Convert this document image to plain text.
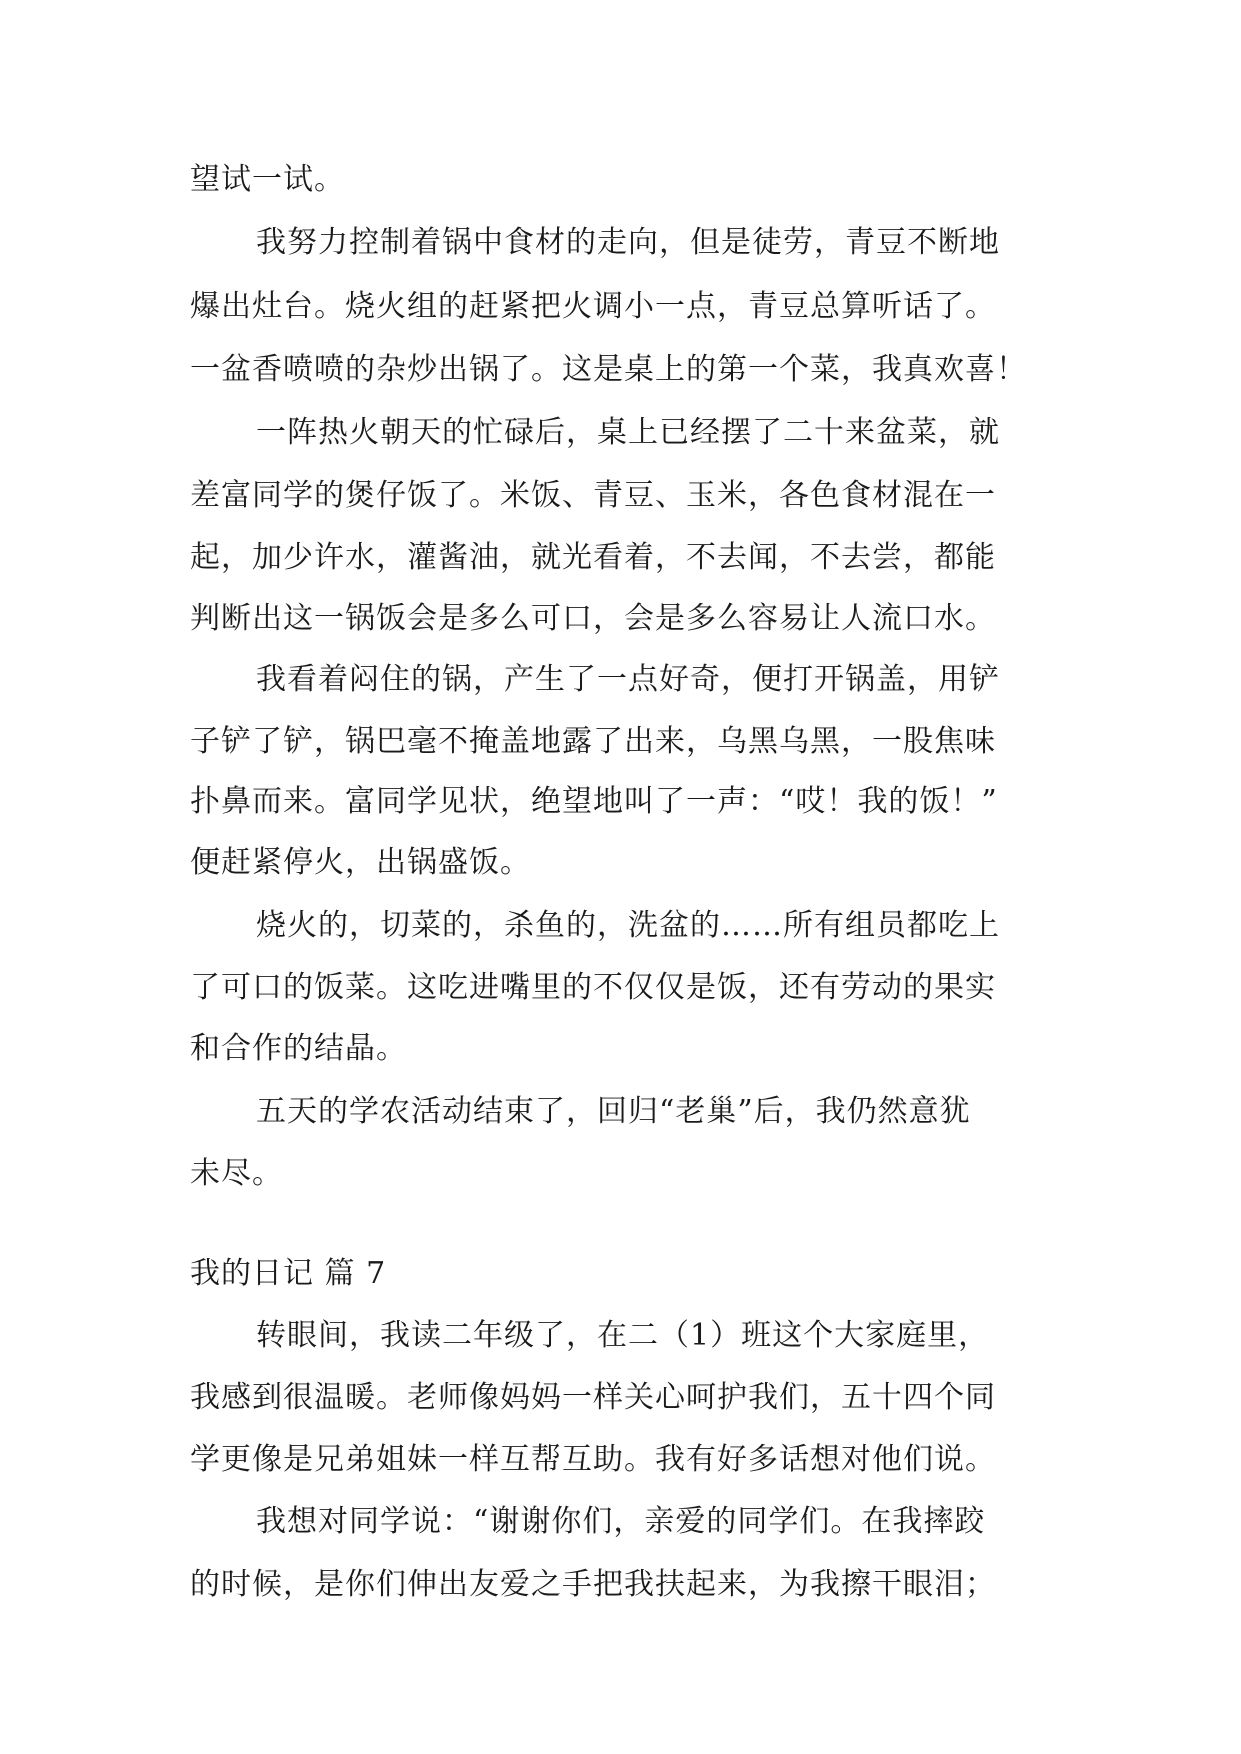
望试一试。

我努力控制着锅中食材的走向，但是徒劳，青豆不断地

爆出灶台。烧火组的赶紧把火调小一点，青豆总算听话了。

一盆香喷喷的杂炒出锅了。这是桌上的第一个菜，我真欢喜！

一阵热火朝天的忙碌后，桌上已经摆了二十来盆菜，就

差富同学的煲仔饭了。米饭、青豆、玉米，各色食材混在一

起，加少许水，灌酱油，就光看着，不去闻，不去尝，都能

判断出这一锅饭会是多么可口，会是多么容易让人流口水。

我看着闷住的锅，产生了一点好奇，便打开锅盖，用铲

子铲了铲，锅巴毫不掩盖地露了出来，乌黑乌黑，一股焦味

扑鼻而来。富同学见状，绝望地叫了一声：“哎！我的饭！”

便赶紧停火，出锅盛饭。

烧火的，切菜的，杀鱼的，洗盆的……所有组员都吃上

了可口的饭菜。这吃进嘴里的不仅仅是饭，还有劳动的果实

和合作的结晶。

五天的学农活动结束了，回归“老巢”后，我仍然意犹

未尽。

我的日记 篇 7

转眼间，我读二年级了，在二（1）班这个大家庭里，

我感到很温暖。老师像妈妈一样关心呵护我们，五十四个同

学更像是兄弟姐妹一样互帮互助。我有好多话想对他们说。

我想对同学说：“谢谢你们，亲爱的同学们。在我摔跤

的时候，是你们伸出友爱之手把我扶起来，为我擦干眼泪；
